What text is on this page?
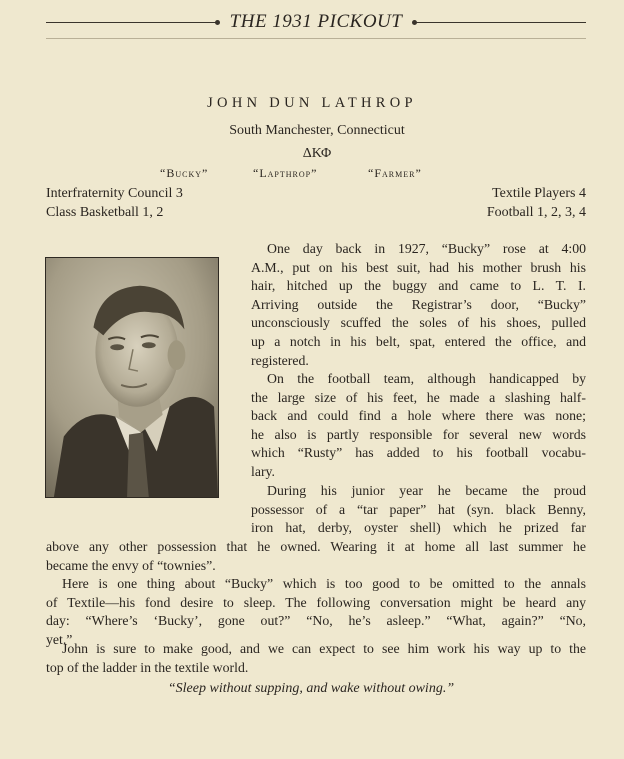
THE 1931 PICKOUT
JOHN DUN LATHROP
South Manchester, Connecticut
ΔΚΦ
“Bucky”	“Lapthrop”	“Farmer”
Interfraternity Council 3
Class Basketball 1, 2
Textile Players 4
Football 1, 2, 3, 4
One day back in 1927, “Bucky” rose at 4:00
A.M., put on his best suit, had his mother brush his
hair, hitched up the buggy and came to L. T. I.
Arriving outside the Registrar’s door, “Bucky”
unconsciously scuffed the soles of his shoes, pulled
up a notch in his belt, spat, entered the office, and
registered.
On the football team, although handicapped by
the large size of his feet, he made a slashing half-
back and could find a hole where there was none;
he also is partly responsible for several new words
which “Rusty” has added to his football vocabu-
lary.
During his junior year he became the proud
possessor of a “tar paper” hat (syn. black Benny,
iron hat, derby, oyster shell) which he prized far
above any other possession that he owned. Wearing it at home all last summer he
became the envy of “townies”.
Here is one thing about “Bucky” which is too good to be omitted to the annals
of Textile—his fond desire to sleep. The following conversation might be heard any
day: “Where’s ‘Bucky’, gone out?” “No, he’s asleep.” “What, again?” “No,
yet.”
John is sure to make good, and we can expect to see him work his way up to the
top of the ladder in the textile world.
“Sleep without supping, and wake without owing.”
